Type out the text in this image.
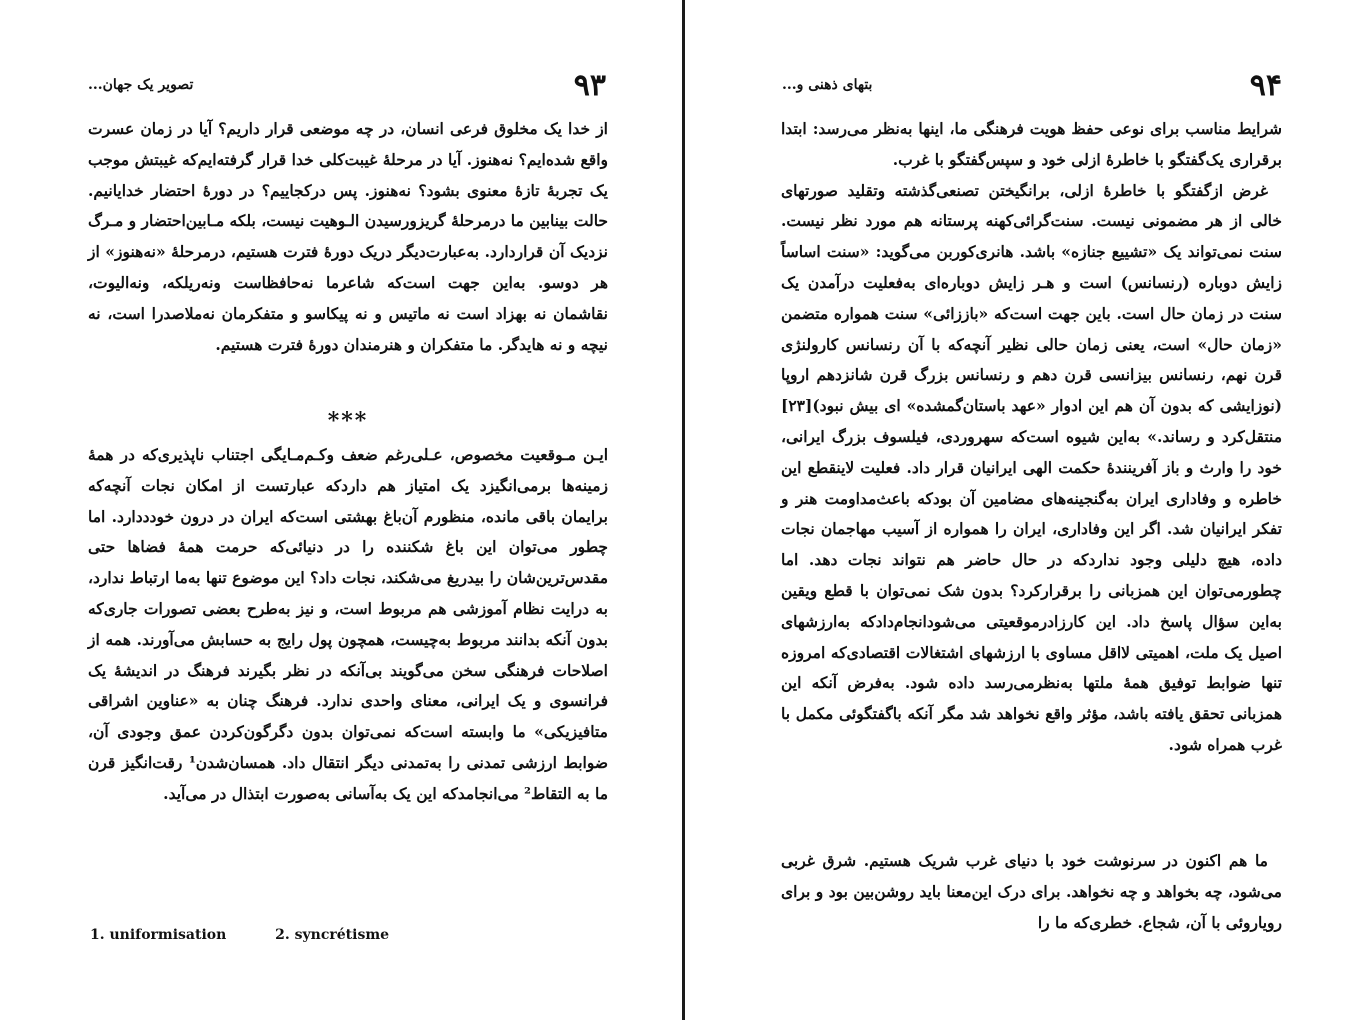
۹۳
تصویر یک جهان...

از خدا یک مخلوق فرعی انسان، در چه موضعی قرار داریم؟ آیا در زمان عسرت واقع شده‌ایم؟ نه‌هنوز. آیا در مرحلهٔ غیبت‌کلی خدا قرار گرفته‌ایم‌که غیبتش موجب یک تجربهٔ تازهٔ معنوی بشود؟ نه‌هنوز. پس درکجاییم؟ در دورهٔ احتضار خدایانیم. حالت بینابین ما درمرحلهٔ گریزورسیدن الـوهیت نیست، بلکه مـابین‌احتضار و مـرگ نزدیک آن قراردارد. به‌عبارت‌دیگر دریک دورهٔ فترت هستیم، درمرحلهٔ «نه‌هنوز» از هر دوسو. به‌این جهت است‌که شاعرما نه‌حافظاست ونه‌ریلکه، ونه‌الیوت، نقاشمان نه بهزاد است نه ماتیس و نه پیکاسو و متفکرمان نه‌ملاصدرا است، نه نیچه و نه هایدگر. ما متفکران و هنرمندان دورهٔ فترت هستیم.

***

ایـن مـوقعیت مخصوص، عـلی‌رغم ضعف وکـم‌مـایگی اجتناب ناپذیری‌که در همهٔ زمینه‌ها برمی‌انگیزد یک امتیاز هم داردکه عبارتست از امکان نجات آنچه‌که برایمان باقی مانده، منظورم آن‌باغ بهشتی است‌که ایران در درون خودددارد. اما چطور می‌توان این باغ شکننده را در دنیائی‌که حرمت همهٔ فضاها حتی مقدس‌ترین‌شان را بیدریغ می‌شکند، نجات داد؟ این موضوع تنها به‌ما ارتباط ندارد، به درایت نظام آموزشی هم مربوط است، و نیز به‌طرح بعضی تصورات جاری‌که بدون آنکه بدانند مربوط به‌چیست، همچون پول رایج به حسابش می‌آورند. همه از اصلاحات فرهنگی سخن می‌گویند بی‌آنکه در نظر بگیرند فرهنگ در اندیشهٔ یک فرانسوی و یک ایرانی، معنای واحدی ندارد. فرهنگ چنان به «عناوین اشراقی متافیزیکی» ما وابسته است‌که نمی‌توان بدون دگرگون‌کردن عمق وجودی آن، ضوابط ارزشی تمدنی را به‌تمدنی دیگر انتقال داد. همسان‌شدن¹ رقت‌انگیز قرن ما به التقاط² می‌انجامدکه این یک به‌آسانی به‌صورت ابتذال در می‌آید.

1. uniformisation	2. syncrétisme
۹۴
بتهای ذهنی و...

شرایط مناسب برای نوعی حفظ هویت فرهنگی ما، اینها به‌نظر می‌رسد: ابتدا برقراری یک‌گفتگو با خاطرهٔ ازلی خود و سپس‌گفتگو با غرب.

غرض ازگفتگو با خاطرهٔ ازلی، برانگیختن تصنعی‌گذشته وتقلید صورتهای خالی از هر مضمونی نیست. سنت‌گرائی‌کهنه پرستانه هم مورد نظر نیست. سنت نمی‌تواند یک «تشییع جنازه» باشد. هانری‌کوربن می‌گوید: «سنت اساساً زایش دوباره (رنسانس) است و هـر زایش دوباره‌ای به‌فعلیت درآمدن یک سنت در زمان حال است. باین جهت است‌که «باززائی» سنت همواره متضمن «زمان حال» است، یعنی زمان حالی نظیر آنچه‌که با آن رنسانس کارولنژی قرن نهم، رنسانس بیزانسی قرن دهم و رنسانس بزرگ قرن شانزدهم اروپا (نوزایشی که بدون آن هم این ادوار «عهد باستان‌گمشده» ای بیش نبود)[۲۳] منتقل‌کرد و رساند.» به‌این شیوه است‌که سهروردی، فیلسوف بزرگ ایرانی، خود را وارث و باز آفرینندهٔ حکمت الهی ایرانیان قرار داد. فعلیت لاینقطع این خاطره و وفاداری ایران به‌گنجینه‌های مضامین آن بودکه باعث‌مداومت هنر و تفکر ایرانیان شد. اگر این وفاداری، ایران را همواره از آسیب مهاجمان نجات داده، هیچ دلیلی وجود نداردکه در حال حاضر هم نتواند نجات دهد. اما چطورمی‌توان این همزبانی را برقرارکرد؟ بدون شک نمی‌توان با قطع ویقین به‌این سؤال پاسخ داد. این کارزادرموقعیتی می‌شودانجام‌دادکه به‌ارزشهای اصیل یک ملت، اهمیتی لااقل مساوی با ارزشهای اشتغالات اقتصادی‌که امروزه تنها ضوابط توفیق همهٔ ملتها به‌نظرمی‌رسد داده شود. به‌فرض آنکه این همزبانی تحقق یافته باشد، مؤثر واقع نخواهد شد مگر آنکه باگفتگوئی مکمل با غرب همراه شود.

ما هم اکنون در سرنوشت خود با دنیای غرب شریک هستیم. شرق غربی می‌شود، چه بخواهد و چه نخواهد. برای درک این‌معنا باید روشن‌بین بود و برای رویاروئی با آن، شجاع. خطری‌که ما را
